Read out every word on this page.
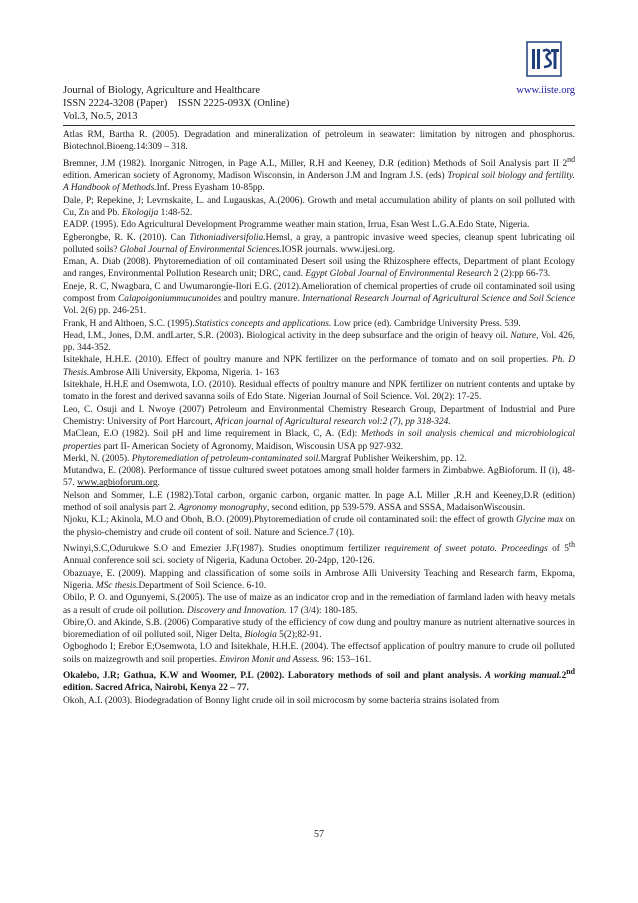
Journal of Biology, Agriculture and Healthcare	www.iiste.org
ISSN 2224-3208 (Paper)    ISSN 2225-093X (Online)
Vol.3, No.5, 2013

Atlas RM, Bartha R. (2005). Degradation and mineralization of petroleum in seawater: limitation by nitrogen and phosphorus. Biotechnol.Bioeng.14:309 – 318.

Bremner, J.M (1982). Inorganic Nitrogen, in Page A.L, Miller, R.H and Keeney, D.R (edition) Methods of Soil Analysis part II 2nd edition. American society of Agronomy, Madison Wisconsin, in Anderson J.M and Ingram J.S. (eds) Tropical soil biology and fertility. A Handbook of Methods.Inf. Press Eyasham 10-85pp.

Dale, P; Repekine, J; Levrnskaite, L. and Lugauskas, A.(2006). Growth and metal accumulation ability of plants on soil polluted with Cu, Zn and Pb. Ekologija 1:48-52.

EADP. (1995). Edo Agricultural Development Programme weather main station, Irrua, Esan West L.G.A.Edo State, Nigeria.

Egberongbe, R. K. (2010). Can Tithoniadiversifolia.Hemsl, a gray, a pantropic invasive weed species, cleanup spent lubricating oil polluted soils? Global Journal of Environmental Sciences.IOSR journals. www.ijesi.org.

Eman, A. Diab (2008). Phytoremediation of oil contaminated Desert soil using the Rhizosphere effects, Department of plant Ecology and ranges, Environmental Pollution Research unit; DRC, caud. Egypt Global Journal of Environmental Research 2 (2):pp 66-73.

Eneje, R. C, Nwagbara, C and Uwumarongie-Ilori E.G. (2012).Amelioration of chemical properties of crude oil contaminated soil using compost from Calapoigoniummucunoides and poultry manure. International Research Journal of Agricultural Science and Soil Science Vol. 2(6) pp. 246-251.

Frank, H and Althoen, S.C. (1995).Statistics concepts and applications. Low price (ed). Cambridge University Press. 539.

Head, I.M., Jones, D.M. andLarter, S.R. (2003). Biological activity in the deep subsurface and the origin of heavy oil. Nature, Vol. 426, pp. 344-352.

Isitekhale, H.H.E. (2010). Effect of poultry manure and NPK fertilizer on the performance of tomato and on soil properties. Ph. D Thesis.Ambrose Alli University, Ekpoma, Nigeria. 1- 163

Isitekhale, H.H.E and Osemwota, I.O. (2010). Residual effects of poultry manure and NPK fertilizer on nutrient contents and uptake by tomato in the forest and derived savanna soils of Edo State. Nigerian Journal of Soil Science. Vol. 20(2): 17-25.

Leo, C. Osuji and I. Nwoye (2007) Petroleum and Environmental Chemistry Research Group, Department of Industrial and Pure Chemistry: University of Port Harcourt, African journal of Agricultural research vol:2 (7), pp 318-324.

MaClean, E.O (1982). Soil pH and lime requirement in Black, C, A. (Ed): Methods in soil analysis chemical and microbiological properties part II- American Society of Agronomy, Maidison, Wiscousin USA pp 927-932.

Merkl, N. (2005). Phytoremediation of petroleum-contaminated soil.Margraf Publisher Weikershim, pp. 12.

Mutandwa, E. (2008). Performance of tissue cultured sweet potatoes among small holder farmers in Zimbabwe. AgBioforum. II (i), 48-57. www.agbioforum.org.

Nelson and Sommer, L.E (1982).Total carbon, organic carbon, organic matter. In page A.L Miller ,R.H and Keeney,D.R (edition) method of soil analysis part 2. Agronomy monography, second edition, pp 539-579. ASSA and SSSA, MadaisonWiscousin.

Njoku, K.L; Akinola, M.O and Oboh, B.O. (2009).Phytoremediation of crude oil contaminated soil: the effect of growth Glycine max on the physio-chemistry and crude oil content of soil. Nature and Science.7 (10).

Nwinyi,S.C,Odurukwe S.O and Emezier J.F(1987). Studies onoptimum fertilizer requirement of sweet potato. Proceedings of 5th Annual conference soil sci. society of Nigeria, Kaduna October. 20-24pp, 120-126.

Obazuaye, E. (2009). Mapping and classification of some soils in Ambrose Alli University Teaching and Research farm, Ekpoma, Nigeria. MSc thesis.Department of Soil Science. 6-10.

Obilo, P. O. and Ogunyemi, S.(2005). The use of maize as an indicator crop and in the remediation of farmland laden with heavy metals as a result of crude oil pollution. Discovery and Innovation. 17 (3/4): 180-185.

Obire,O. and Akinde, S.B. (2006) Comparative study of the efficiency of cow dung and poultry manure as nutrient alternative sources in bioremediation of oil polluted soil, Niger Delta, Biologia 5(2);82-91.

Ogboghodo I; Erebor E;Osemwota, I.O and Isitekhale, H.H.E. (2004). The effectsof application of poultry manure to crude oil polluted soils on maizegrowth and soil properties. Environ Monit and Assess. 96: 153–161.

Okalebo, J.R; Gathua, K.W and Woomer, P.L (2002). Laboratory methods of soil and plant analysis. A working manual.2nd edition. Sacred Africa, Nairobi, Kenya 22 – 77.

Okoh, A.I. (2003). Biodegradation of Bonny light crude oil in soil microcosm by some bacteria strains isolated from

57
